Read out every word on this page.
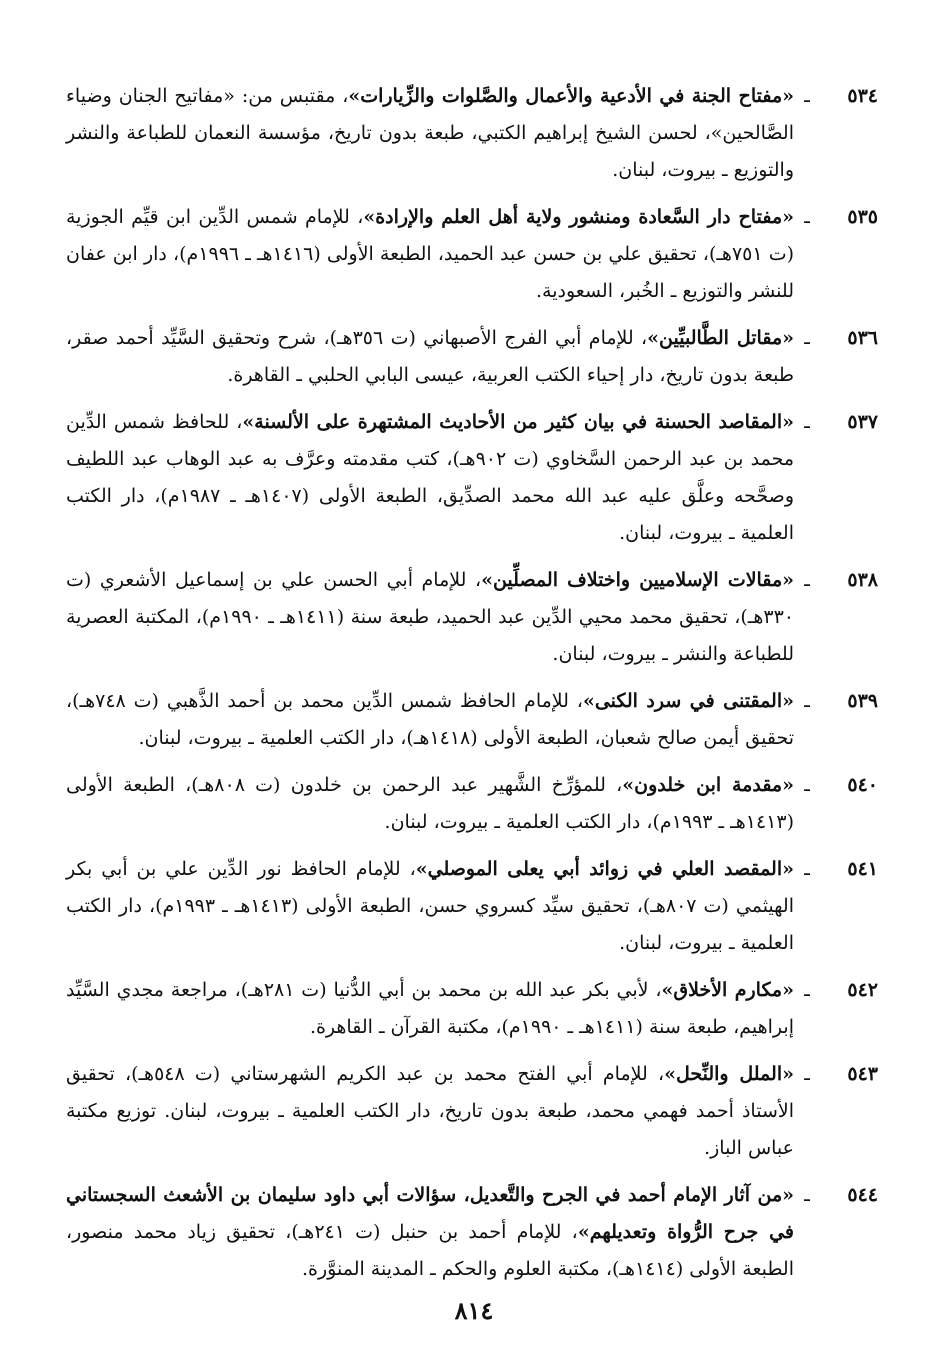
٥٣٤
ـ
«مفتاح الجنة في الأدعية والأعمال والصَّلوات والزِّيارات»، مقتبس من: «مفاتيح الجنان وضياء الصَّالحين»، لحسن الشيخ إبراهيم الكتبي، طبعة بدون تاريخ، مؤسسة النعمان للطباعة والنشر والتوزيع ـ بيروت، لبنان.
٥٣٥
ـ
«مفتاح دار السَّعادة ومنشور ولاية أهل العلم والإرادة»، للإمام شمس الدِّين ابن قيِّم الجوزية (ت ٧٥١هـ)، تحقيق علي بن حسن عبد الحميد، الطبعة الأولى (١٤١٦هـ ـ ١٩٩٦م)، دار ابن عفان للنشر والتوزيع ـ الخُبر، السعودية.
٥٣٦
ـ
«مقاتل الطَّالبيِّين»، للإمام أبي الفرج الأصبهاني (ت ٣٥٦هـ)، شرح وتحقيق السَّيِّد أحمد صقر، طبعة بدون تاريخ، دار إحياء الكتب العربية، عيسى البابي الحلبي ـ القاهرة.
٥٣٧
ـ
«المقاصد الحسنة في بيان كثير من الأحاديث المشتهرة على الألسنة»، للحافظ شمس الدِّين محمد بن عبد الرحمن السَّخاوي (ت ٩٠٢هـ)، كتب مقدمته وعرَّف به عبد الوهاب عبد اللطيف وصحَّحه وعلَّق عليه عبد الله محمد الصدِّيق، الطبعة الأولى (١٤٠٧هـ ـ ١٩٨٧م)، دار الكتب العلمية ـ بيروت، لبنان.
٥٣٨
ـ
«مقالات الإسلاميين واختلاف المصلِّين»، للإمام أبي الحسن علي بن إسماعيل الأشعري (ت ٣٣٠هـ)، تحقيق محمد محيي الدِّين عبد الحميد، طبعة سنة (١٤١١هـ ـ ١٩٩٠م)، المكتبة العصرية للطباعة والنشر ـ بيروت، لبنان.
٥٣٩
ـ
«المقتنى في سرد الكنى»، للإمام الحافظ شمس الدِّين محمد بن أحمد الذَّهبي (ت ٧٤٨هـ)، تحقيق أيمن صالح شعبان، الطبعة الأولى (١٤١٨هـ)، دار الكتب العلمية ـ بيروت، لبنان.
٥٤٠
ـ
«مقدمة ابن خلدون»، للمؤرِّخ الشَّهير عبد الرحمن بن خلدون (ت ٨٠٨هـ)، الطبعة الأولى (١٤١٣هـ ـ ١٩٩٣م)، دار الكتب العلمية ـ بيروت، لبنان.
٥٤١
ـ
«المقصد العلي في زوائد أبي يعلى الموصلي»، للإمام الحافظ نور الدِّين علي بن أبي بكر الهيثمي (ت ٨٠٧هـ)، تحقيق سيِّد كسروي حسن، الطبعة الأولى (١٤١٣هـ ـ ١٩٩٣م)، دار الكتب العلمية ـ بيروت، لبنان.
٥٤٢
ـ
«مكارم الأخلاق»، لأبي بكر عبد الله بن محمد بن أبي الدُّنيا (ت ٢٨١هـ)، مراجعة مجدي السَّيِّد إبراهيم، طبعة سنة (١٤١١هـ ـ ١٩٩٠م)، مكتبة القرآن ـ القاهرة.
٥٤٣
ـ
«الملل والنِّحل»، للإمام أبي الفتح محمد بن عبد الكريم الشهرستاني (ت ٥٤٨هـ)، تحقيق الأستاذ أحمد فهمي محمد، طبعة بدون تاريخ، دار الكتب العلمية ـ بيروت، لبنان. توزيع مكتبة عباس الباز.
٥٤٤
ـ
«من آثار الإمام أحمد في الجرح والتَّعديل، سؤالات أبي داود سليمان بن الأشعث السجستاني في جرح الرُّواة وتعديلهم»، للإمام أحمد بن حنبل (ت ٢٤١هـ)، تحقيق زياد محمد منصور، الطبعة الأولى (١٤١٤هـ)، مكتبة العلوم والحكم ـ المدينة المنوَّرة.
٨١٤
